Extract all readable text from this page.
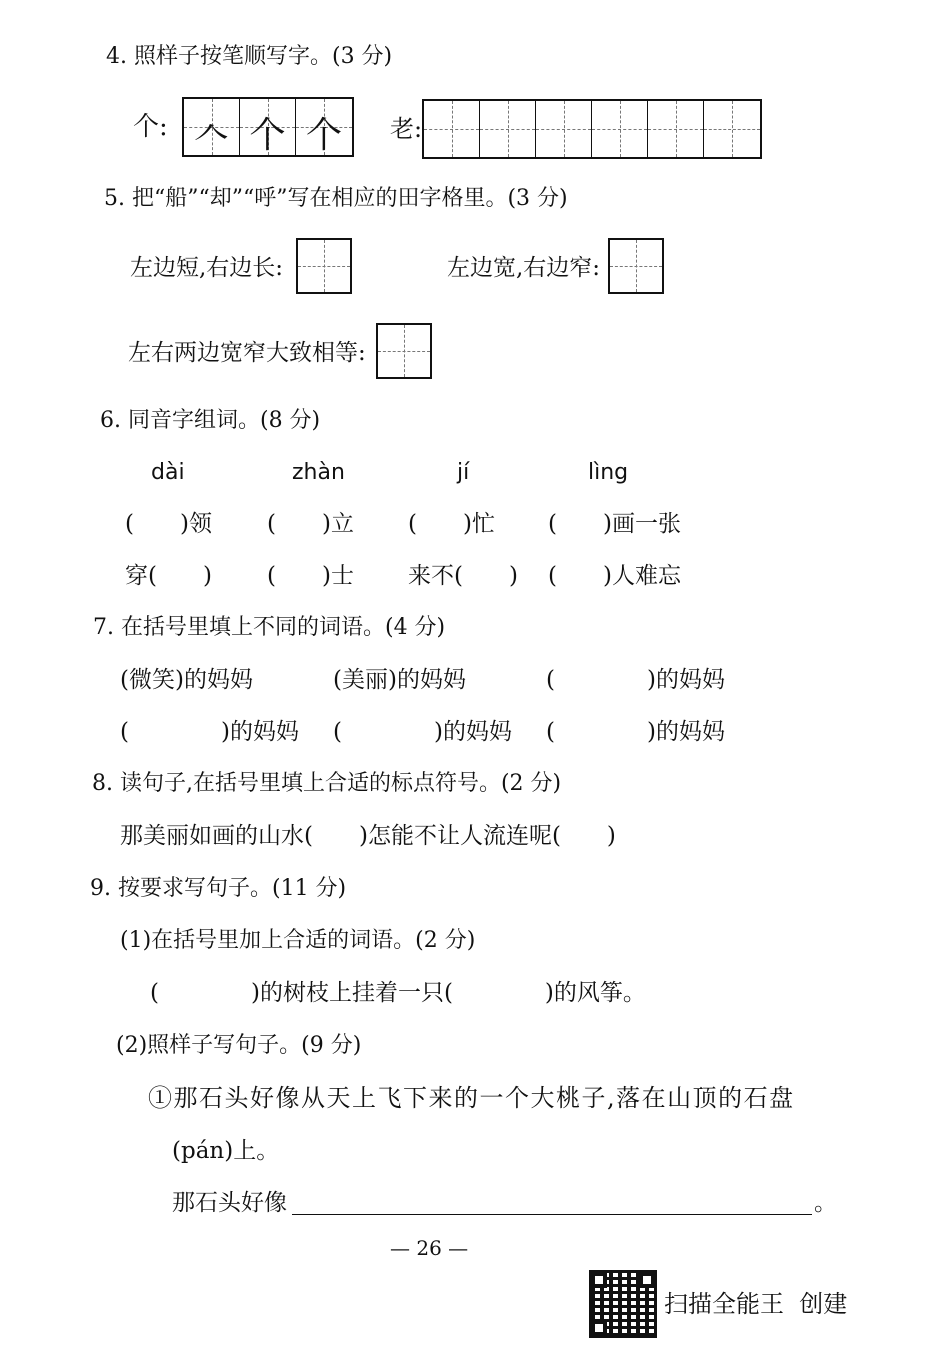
4. 照样子按笔顺写字。(3 分)
个: 𠆢 个 个	老:
5. 把“船”“却”“呼”写在相应的田字格里。(3 分)
左边短,右边长:	左边宽,右边窄:
左右两边宽窄大致相等:
6. 同音字组词。(8 分)
dài	zhàn	jí	lìng
(　　)领 (　　)立 (　　)忙 (　　)画一张
穿(　　) (　　)士 来不(　　) (　　)人难忘
7. 在括号里填上不同的词语。(4 分)
(微笑)的妈妈	(美丽)的妈妈	(　　　　)的妈妈
(　　　　)的妈妈 (　　　　)的妈妈 (　　　　)的妈妈
8. 读句子,在括号里填上合适的标点符号。(2 分)
那美丽如画的山水(　　)怎能不让人流连呢(　　)
9. 按要求写句子。(11 分)
(1)在括号里加上合适的词语。(2 分)
(　　　　)的树枝上挂着一只(　　　　)的风筝。
(2)照样子写句子。(9 分)
①那石头好像从天上飞下来的一个大桃子,落在山顶的石盘
(pán)上。
那石头好像	。
— 26 —
扫描全能王  创建
